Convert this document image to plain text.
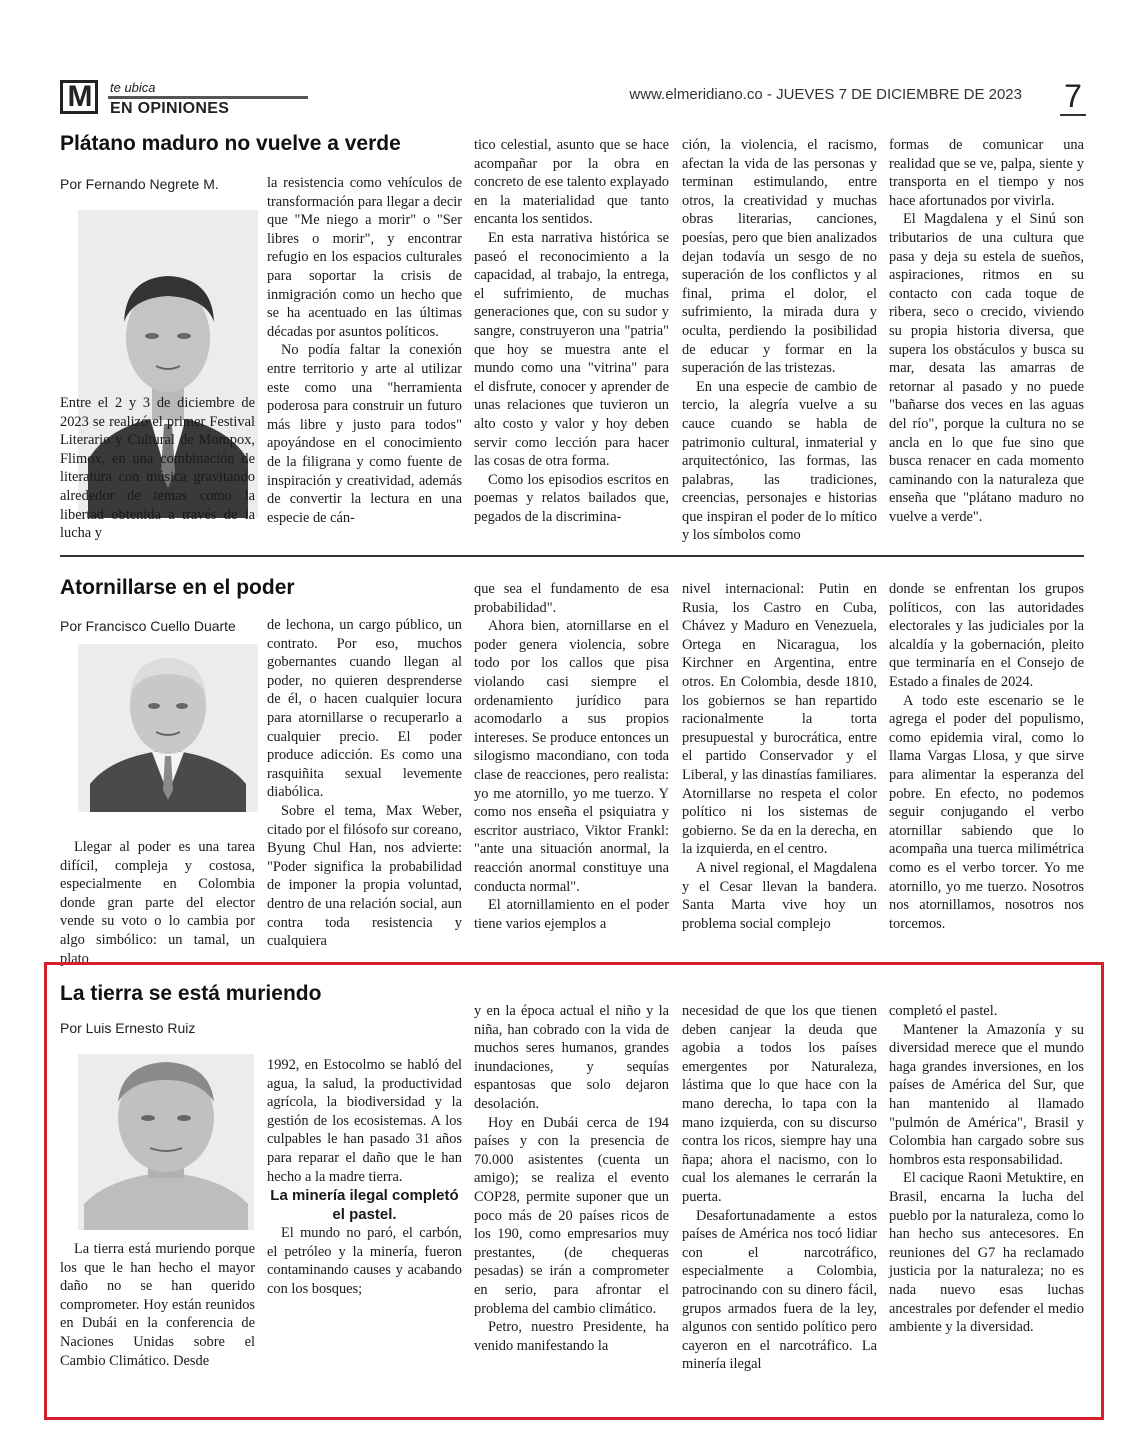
M	te ubica
EN OPINIONES
www.elmeridiano.co - JUEVES 7 DE DICIEMBRE DE 2023 7
Plátano maduro no vuelve a verde
Por Fernando Negrete M.

Entre el 2 y 3 de diciembre de 2023 se realizó el primer Festival Literario y Cultural de Mompox, Flimox, en una combinación de literatura con música gravitando alrededor de temas como la libertad obtenida a través de la lucha y

la resistencia como vehículos de transformación para llegar a decir que "Me niego a morir" o "Ser libres o morir", y encontrar refugio en los espacios culturales para soportar la crisis de inmigración como un hecho que se ha acentuado en las últimas décadas por asuntos políticos.

No podía faltar la conexión entre territorio y arte al utilizar este como una "herramienta poderosa para construir un futuro más libre y justo para todos" apoyándose en el conocimiento de la filigrana y como fuente de inspiración y creatividad, además de convertir la lectura en una especie de cán-

tico celestial, asunto que se hace acompañar por la obra en concreto de ese talento explayado en la materialidad que tanto encanta los sentidos.

En esta narrativa histórica se paseó el reconocimiento a la capacidad, al trabajo, la entrega, el sufrimiento, de muchas generaciones que, con su sudor y sangre, construyeron una "patria" que hoy se muestra ante el mundo como una "vitrina" para el disfrute, conocer y aprender de unas relaciones que tuvieron un alto costo y valor y hoy deben servir como lección para hacer las cosas de otra forma.

Como los episodios escritos en poemas y relatos bailados que, pegados de la discrimina-

ción, la violencia, el racismo, afectan la vida de las personas y terminan estimulando, entre otros, la creatividad y muchas obras literarias, canciones, poesías, pero que bien analizados dejan todavía un sesgo de no superación de los conflictos y al final, prima el dolor, el sufrimiento, la mirada dura y oculta, perdiendo la posibilidad de educar y formar en la superación de las tristezas.

En una especie de cambio de tercio, la alegría vuelve a su cauce cuando se habla de patrimonio cultural, inmaterial y arquitectónico, las formas, las palabras, las tradiciones, creencias, personajes e historias que inspiran el poder de lo mítico y los símbolos como

formas de comunicar una realidad que se ve, palpa, siente y transporta en el tiempo y nos hace afortunados por vivirla.

El Magdalena y el Sinú son tributarios de una cultura que pasa y deja su estela de sueños, aspiraciones, ritmos en su contacto con cada toque de ribera, seco o crecido, viviendo su propia historia diversa, que supera los obstáculos y busca su mar, desata las amarras de retornar al pasado y no puede "bañarse dos veces en las aguas del río", porque la cultura no se ancla en lo que fue sino que busca renacer en cada momento caminando con la naturaleza que enseña que "plátano maduro no vuelve a verde".

Atornillarse en el poder
Por Francisco Cuello Duarte

Llegar al poder es una tarea difícil, compleja y costosa, especialmente en Colombia donde gran parte del elector vende su voto o lo cambia por algo simbólico: un tamal, un plato

de lechona, un cargo público, un contrato. Por eso, muchos gobernantes cuando llegan al poder, no quieren desprenderse de él, o hacen cualquier locura para atornillarse o recuperarlo a cualquier precio. El poder produce adicción. Es como una rasquiñita sexual levemente diabólica.

Sobre el tema, Max Weber, citado por el filósofo sur coreano, Byung Chul Han, nos advierte: "Poder significa la probabilidad de imponer la propia voluntad, dentro de una relación social, aun contra toda resistencia y cualquiera

que sea el fundamento de esa probabilidad".

Ahora bien, atornillarse en el poder genera violencia, sobre todo por los callos que pisa violando casi siempre el ordenamiento jurídico para acomodarlo a sus propios intereses. Se produce entonces un silogismo macondiano, con toda clase de reacciones, pero realista: yo me atornillo, yo me tuerzo. Y como nos enseña el psiquiatra y escritor austriaco, Viktor Frankl: "ante una situación anormal, la reacción anormal constituye una conducta normal".

El atornillamiento en el poder tiene varios ejemplos a

nivel internacional: Putin en Rusia, los Castro en Cuba, Chávez y Maduro en Venezuela, Ortega en Nicaragua, los Kirchner en Argentina, entre otros. En Colombia, desde 1810, los gobiernos se han repartido racionalmente la torta presupuestal y burocrática, entre el partido Conservador y el Liberal, y las dinastías familiares. Atornillarse no respeta el color político ni los sistemas de gobierno. Se da en la derecha, en la izquierda, en el centro.

A nivel regional, el Magdalena y el Cesar llevan la bandera. Santa Marta vive hoy un problema social complejo

donde se enfrentan los grupos políticos, con las autoridades electorales y las judiciales por la alcaldía y la gobernación, pleito que terminaría en el Consejo de Estado a finales de 2024.

A todo este escenario se le agrega el poder del populismo, como epidemia viral, como lo llama Vargas Llosa, y que sirve para alimentar la esperanza del pobre. En efecto, no podemos seguir conjugando el verbo atornillar sabiendo que lo acompaña una tuerca milimétrica como es el verbo torcer. Yo me atornillo, yo me tuerzo. Nosotros nos atornillamos, nosotros nos torcemos.

La tierra se está muriendo
Por Luis Ernesto Ruiz

La tierra está muriendo porque los que le han hecho el mayor daño no se han querido comprometer. Hoy están reunidos en Dubái en la conferencia de Naciones Unidas sobre el Cambio Climático. Desde

1992, en Estocolmo se habló del agua, la salud, la productividad agrícola, la biodiversidad y la gestión de los ecosistemas. A los culpables le han pasado 31 años para reparar el daño que le han hecho a la madre tierra.

La minería ilegal completó el pastel.

El mundo no paró, el carbón, el petróleo y la minería, fueron contaminando causes y acabando con los bosques;

y en la época actual el niño y la niña, han cobrado con la vida de muchos seres humanos, grandes inundaciones, y sequías espantosas que solo dejaron desolación.

Hoy en Dubái cerca de 194 países y con la presencia de 70.000 asistentes (cuenta un amigo); se realiza el evento COP28, permite suponer que un poco más de 20 países ricos de los 190, como empresarios muy prestantes, (de chequeras pesadas) se irán a comprometer en serio, para afrontar el problema del cambio climático.

Petro, nuestro Presidente, ha venido manifestando la

necesidad de que los que tienen deben canjear la deuda que agobia a todos los países emergentes por Naturaleza, lástima que lo que hace con la mano derecha, lo tapa con la mano izquierda, con su discurso contra los ricos, siempre hay una ñapa; ahora el nacismo, con lo cual los alemanes le cerrarán la puerta.

Desafortunadamente a estos países de América nos tocó lidiar con el narcotráfico, especialmente a Colombia, patrocinando con su dinero fácil, grupos armados fuera de la ley, algunos con sentido político pero cayeron en el narcotráfico. La minería ilegal

completó el pastel.

Mantener la Amazonía y su diversidad merece que el mundo haga grandes inversiones, en los países de América del Sur, que han mantenido al llamado "pulmón de América", Brasil y Colombia han cargado sobre sus hombros esta responsabilidad.

El cacique Raoni Metuktire, en Brasil, encarna la lucha del pueblo por la naturaleza, como lo han hecho sus antecesores. En reuniones del G7 ha reclamado justicia por la naturaleza; no es nada nuevo esas luchas ancestrales por defender el medio ambiente y la diversidad.
